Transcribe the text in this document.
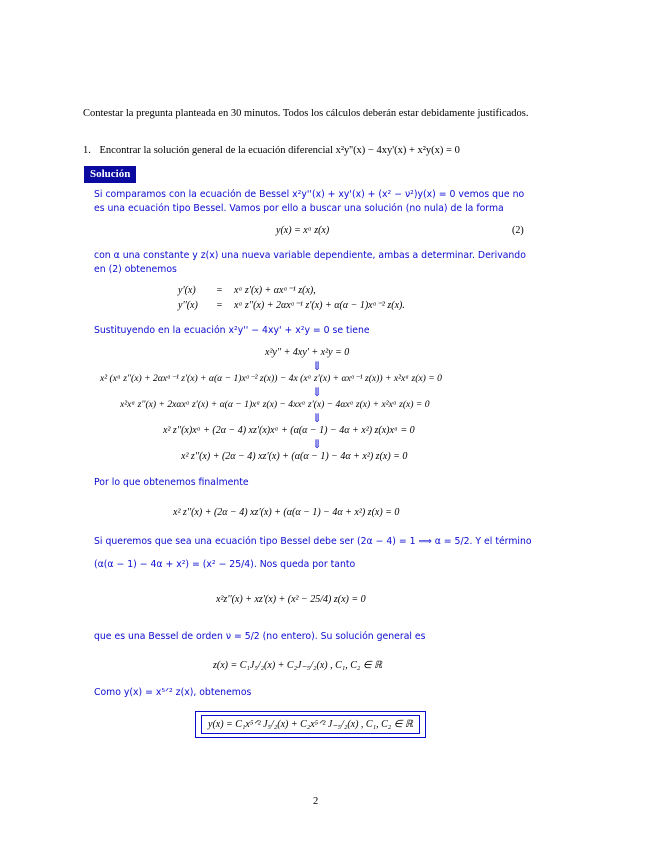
Contestar la pregunta planteada en 30 minutos. Todos los cálculos deberán estar debidamente justificados.
1. Encontrar la solución general de la ecuación diferencial x²y''(x) − 4xy'(x) + x²y(x) = 0
Solución
Si comparamos con la ecuación de Bessel x²y''(x) + xy'(x) + (x² − ν²)y(x) = 0 vemos que no es una ecuación tipo Bessel. Vamos por ello a buscar una solución (no nula) de la forma
y(x) = xᵅ z(x)	(2)
con α una constante y z(x) una nueva variable dependiente, ambas a determinar. Derivando en (2) obtenemos
y'(x) = xᵅ z'(x) + αxᵅ⁻¹ z(x),
y''(x) = xᵅ z''(x) + 2αxᵅ⁻¹ z'(x) + α(α − 1)xᵅ⁻² z(x).
Sustituyendo en la ecuación x²y'' − 4xy' + x²y = 0 se tiene
x²y'' + 4xy' + x²y = 0
⇓
x² (xᵅ z''(x) + 2αxᵅ⁻¹ z'(x) + α(α − 1)xᵅ⁻² z(x)) − 4x (xᵅ z'(x) + αxᵅ⁻¹ z(x)) + x²xᵅ z(x) = 0
⇓
x²xᵅ z''(x) + 2xαxᵅ z'(x) + α(α − 1)xᵅ z(x) − 4xxᵅ z'(x) − 4αxᵅ z(x) + x²xᵅ z(x) = 0
⇓
x² z''(x)xᵅ + (2α − 4) xz'(x)xᵅ + (α(α − 1) − 4α + x²) z(x)xᵅ = 0
⇓
x² z''(x) + (2α − 4) xz'(x) + (α(α − 1) − 4α + x²) z(x) = 0
Por lo que obtenemos finalmente
x² z''(x) + (2α − 4) xz'(x) + (α(α − 1) − 4α + x²) z(x) = 0
Si queremos que sea una ecuación tipo Bessel debe ser (2α − 4) = 1 ⟹ α = 5/2. Y el término
(α(α − 1) − 4α + x²) = (x² − 25/4). Nos queda por tanto
x²z''(x) + xz'(x) + (x² − 25/4) z(x) = 0
que es una Bessel de orden ν = 5/2 (no entero). Su solución general es
z(x) = C₁J₅/₂(x) + C₂J₋₅/₂(x) , C₁, C₂ ∈ ℝ
Como y(x) = x⁵ᐟ² z(x), obtenemos
y(x) = C₁x⁵ᐟ² J₅/₂(x) + C₂x⁵ᐟ² J₋₅/₂(x) , C₁, C₂ ∈ ℝ
2
